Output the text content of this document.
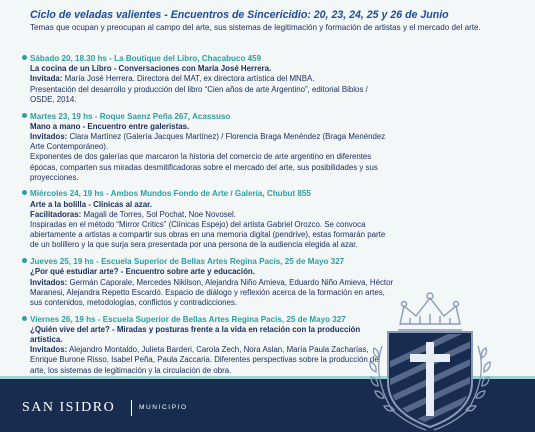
Ciclo de veladas valientes - Encuentros de Sincericidio: 20, 23, 24, 25 y 26 de Junio
Temas que ocupan y preocupan al campo del arte, sus sistemas de legitimación y formación de artistas y el mercado del arte.
Sábado 20, 18.30 hs - La Boutique del Libro, Chacabuco 459
La cocina de un Libro - Conversaciones con María José Herrera.
Invitada: María José Herrera. Directora del MAT, ex directora artística del MNBA.
Presentación del desarrollo y producción del libro “Cien años de arte Argentino”, editorial Biblos / OSDE, 2014.
Martes 23, 19 hs - Roque Saenz Peña 267, Acassuso
Mano a mano - Encuentro entre galeristas.
Invitados: Clara Martínez (Galería Jacques Martínez) / Florencia Braga Menéndez (Braga Menéndez Arte Contemporáneo).
Exponentes de dos galerías que marcaron la historia del comercio de arte argentino en diferentes épocas, comparten sus miradas desmitificadoras sobre el mercado del arte, sus posibilidades y sus proyecciones.
Miércoles 24, 19 hs - Ambos Mundos Fondo de Arte / Galería, Chubut 855
Arte a la bolilla - Clínicas al azar.
Facilitadoras: Magali de Torres, Sol Pochat, Noe Novosel.
Inspiradas en el método “Mirror Critics” (Clínicas Espejo) del artista Gabriel Orozco. Se convoca abiertamente a artistas a compartir sus obras en una memoria digital (pendrive), estas formarán parte de un bolillero y la que surja sera presentada por una persona de la audiencia elegida al azar.
Jueves 25, 19 hs - Escuela Superior de Bellas Artes Regina Pacis, 25 de Mayo 327
¿Por qué estudiar arte? - Encuentro sobre arte y educación.
Invitados: Germán Caporale, Mercedes Nikilson, Alejandra Niño Amieva, Eduardo Niño Amieva, Héctor Maranesi, Alejandra Repetto Escardó. Espacio de diálogo y reflexión acerca de la formación en artes, sus contenidos, metodologías, conflictos y contradicciones.
Viernes 26, 19 hs - Escuela Superior de Bellas Artes Regina Pacis, 25 de Mayo 327
¿Quién vive del arte? - Miradas y posturas frente a la vida en relación con la producción artística.
Invitados: Alejandro Montaldo, Julieta Barderi, Carola Zech, Nora Aslan, María Paula Zacharías, Enrique Burone Risso, Isabel Peña, Paula Zaccaria. Diferentes perspectivas sobre la producción de arte, los sistemas de legitimación y la circulación de obra.
SAN ISIDRO	MUNICIPIO
